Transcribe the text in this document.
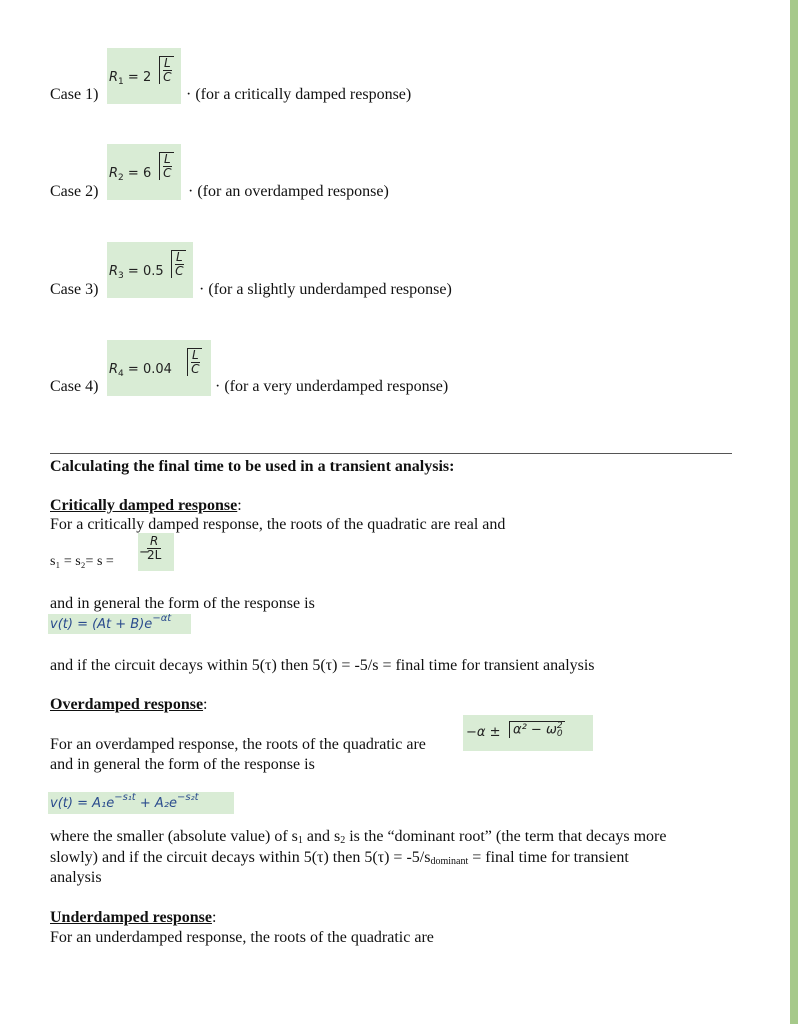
Case 1)
$R_1 = 2 \frac{L}{C}$
· (for a critically damped response)
Case 2)
$R_2 = 6 \frac{L}{C}$
· (for an overdamped response)
Case 3)
$R_3 = 0.5 \frac{L}{C}$
· (for a slightly underdamped response)
Case 4)
$R_4 = 0.04 \frac{L}{C}$
· (for a very underdamped response)
Calculating the final time to be used in a transient analysis:
Critically damped response:
For a critically damped response, the roots of the quadratic are real and
s₁ = s₂= s =
−
$\frac{R}{2L}$
and in general the form of the response is
$v(t) = (At + B)e^{-\alpha t}$
and if the circuit decays within 5(τ) then 5(τ) = -5/s = final time for transient analysis
Overdamped response:
For an overdamped response, the roots of the quadratic are
−α ± α² − ω 2
0
and in general the form of the response is
$v(t) = A_1e^{-s_1t} + A_2e^{-s_2t}$
where the smaller (absolute value) of s1 and s2 is the “dominant root” (the term that decays more
slowly) and if the circuit decays within 5(τ) then 5(τ) = -5/sdominant = final time for transient
analysis
Underdamped response:
For an underdamped response, the roots of the quadratic are
